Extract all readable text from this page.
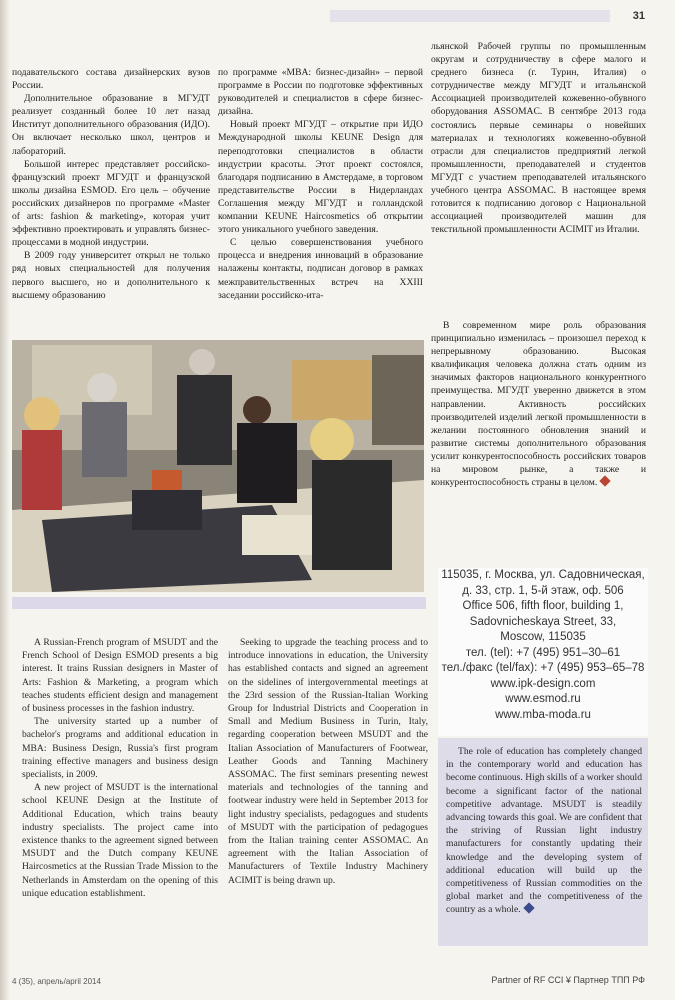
31

подавательского состава дизайнерских вузов России.

Дополнительное образование в МГУДТ реализует созданный более 10 лет назад Институт дополнительного образования (ИДО). Он включает несколько школ, центров и лабораторий.

Большой интерес представляет российско-французский проект МГУДТ и французской школы дизайна ESMOD. Его цель – обучение российских дизайнеров по программе «Master of arts: fashion & marketing», которая учит эффективно проектировать и управлять бизнес-процессами в модной индустрии.

В 2009 году университет открыл не только ряд новых специальностей для получения первого высшего, но и дополнительного к высшему образованию

по программе «MBA: бизнес-дизайн» – первой программе в России по подготовке эффективных руководителей и специалистов в сфере бизнес-дизайна.

Новый проект МГУДТ – открытие при ИДО Международной школы KEUNE Design для переподготовки специалистов в области индустрии красоты. Этот проект состоялся, благодаря подписанию в Амстердаме, в торговом представительстве России в Нидерландах Соглашения между МГУДТ и голландской компании KEUNE Haircosmetics об открытии этого уникального учебного заведения.

С целью совершенствования учебного процесса и внедрения инноваций в образование налажены контакты, подписан договор в рамках межправительственных встреч на XXIII заседании российско-ита-

льянской Рабочей группы по промышленным округам и сотрудничеству в сфере малого и среднего бизнеса (г. Турин, Италия) о сотрудничестве между МГУДТ и итальянской Ассоциацией производителей кожевенно-обувного оборудования ASSOMAC. В сентябре 2013 года состоялись первые семинары о новейших материалах и технологиях кожевенно-обувной отрасли для специалистов предприятий легкой промышленности, преподавателей и студентов МГУДТ с участием преподавателей итальянского учебного центра ASSOMAC. В настоящее время готовится к подписанию договор с Национальной ассоциацией производителей машин для текстильной промышленности ACIMIT из Италии.

В современном мире роль образования принципиально изменилась – произошел переход к непрерывному образованию. Высокая квалификация человека должна стать одним из значимых факторов национального конкурентного преимущества. МГУДТ уверенно движется в этом направлении. Активность российских производителей изделий легкой промышленности в желании постоянного обновления знаний и развитие системы дополнительного образования усилит конкурентоспособность российских товаров на мировом рынке, а также и конкурентоспособность страны в целом.

A Russian-French program of MSUDT and the French School of Design ESMOD presents a big interest. It trains Russian designers in Master of Arts: Fashion & Marketing, a program which teaches students efficient design and management of business processes in the fashion industry.

The university started up a number of bachelor's programs and additional education in MBA: Business Design, Russia's first program training effective managers and business design specialists, in 2009.

A new project of MSUDT is the international school KEUNE Design at the Institute of Additional Education, which trains beauty industry specialists. The project came into existence thanks to the agreement signed between MSUDT and the Dutch company KEUNE Haircosmetics at the Russian Trade Mission to the Netherlands in Amsterdam on the opening of this unique education establishment.

Seeking to upgrade the teaching process and to introduce innovations in education, the University has established contacts and signed an agreement on the sidelines of intergovernmental meetings at the 23rd session of the Russian-Italian Working Group for Industrial Districts and Cooperation in Small and Medium Business in Turin, Italy, regarding cooperation between MSUDT and the Italian Association of Manufacturers of Footwear, Leather Goods and Tanning Machinery ASSOMAC. The first seminars presenting newest materials and technologies of the tanning and footwear industry were held in September 2013 for light industry specialists, pedagogues and students of MSUDT with the participation of pedagogues from the Italian training center ASSOMAC. An agreement with the Italian Association of Manufacturers of Textile Industry Machinery ACIMIT is being drawn up.

115035, г. Москва, ул. Садовническая,
д. 33, стр. 1, 5-й этаж, оф. 506
Office 506, fifth floor, building 1,
Sadovnicheskaya Street, 33,
Moscow, 115035
тел. (tel): +7 (495) 951–30–61
тел./факс (tel/fax): +7 (495) 953–65–78
www.ipk-design.com
www.esmod.ru
www.mba-moda.ru

The role of education has completely changed in the contemporary world and education has become continuous. High skills of a worker should become a significant factor of the national competitive advantage. MSUDT is steadily advancing towards this goal. We are confident that the striving of Russian light industry manufacturers for constantly updating their knowledge and the developing system of additional education will build up the competitiveness of Russian commodities on the global market and the competitiveness of the country as a whole.

4 (35), апрель/april 2014	Partner of RF CCI ¥ Партнер ТПП РФ
